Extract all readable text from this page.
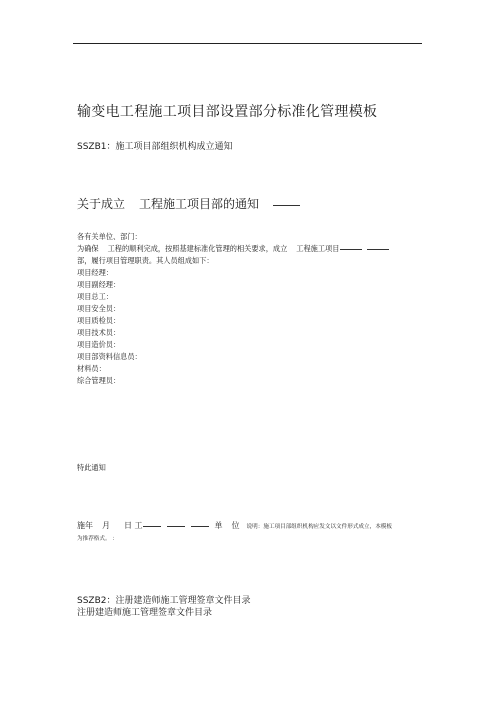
输变电工程施工项目部设置部分标准化管理模板
SSZB1：施工项目部组织机构成立通知
关于成立 工程施工项目部的通知
各有关单位、部门：
为确保 工程的顺利完成，按照基建标准化管理的相关要求，成立 工程施工项目
部，履行项目管理职责。其人员组成如下：
项目经理：
项目副经理：
项目总工：
项目安全员：
项目质检员：
项目技术员：
项目造价员：
项目部资料信息员：
材料员：
综合管理员：
特此通知
施年 月 日 工	单 位 说明：施工项目部组织机构应发文以文件形式成立，本模板
为推荐格式。 ：
SSZB2：注册建造师施工管理签章文件目录
注册建造师施工管理签章文件目录
